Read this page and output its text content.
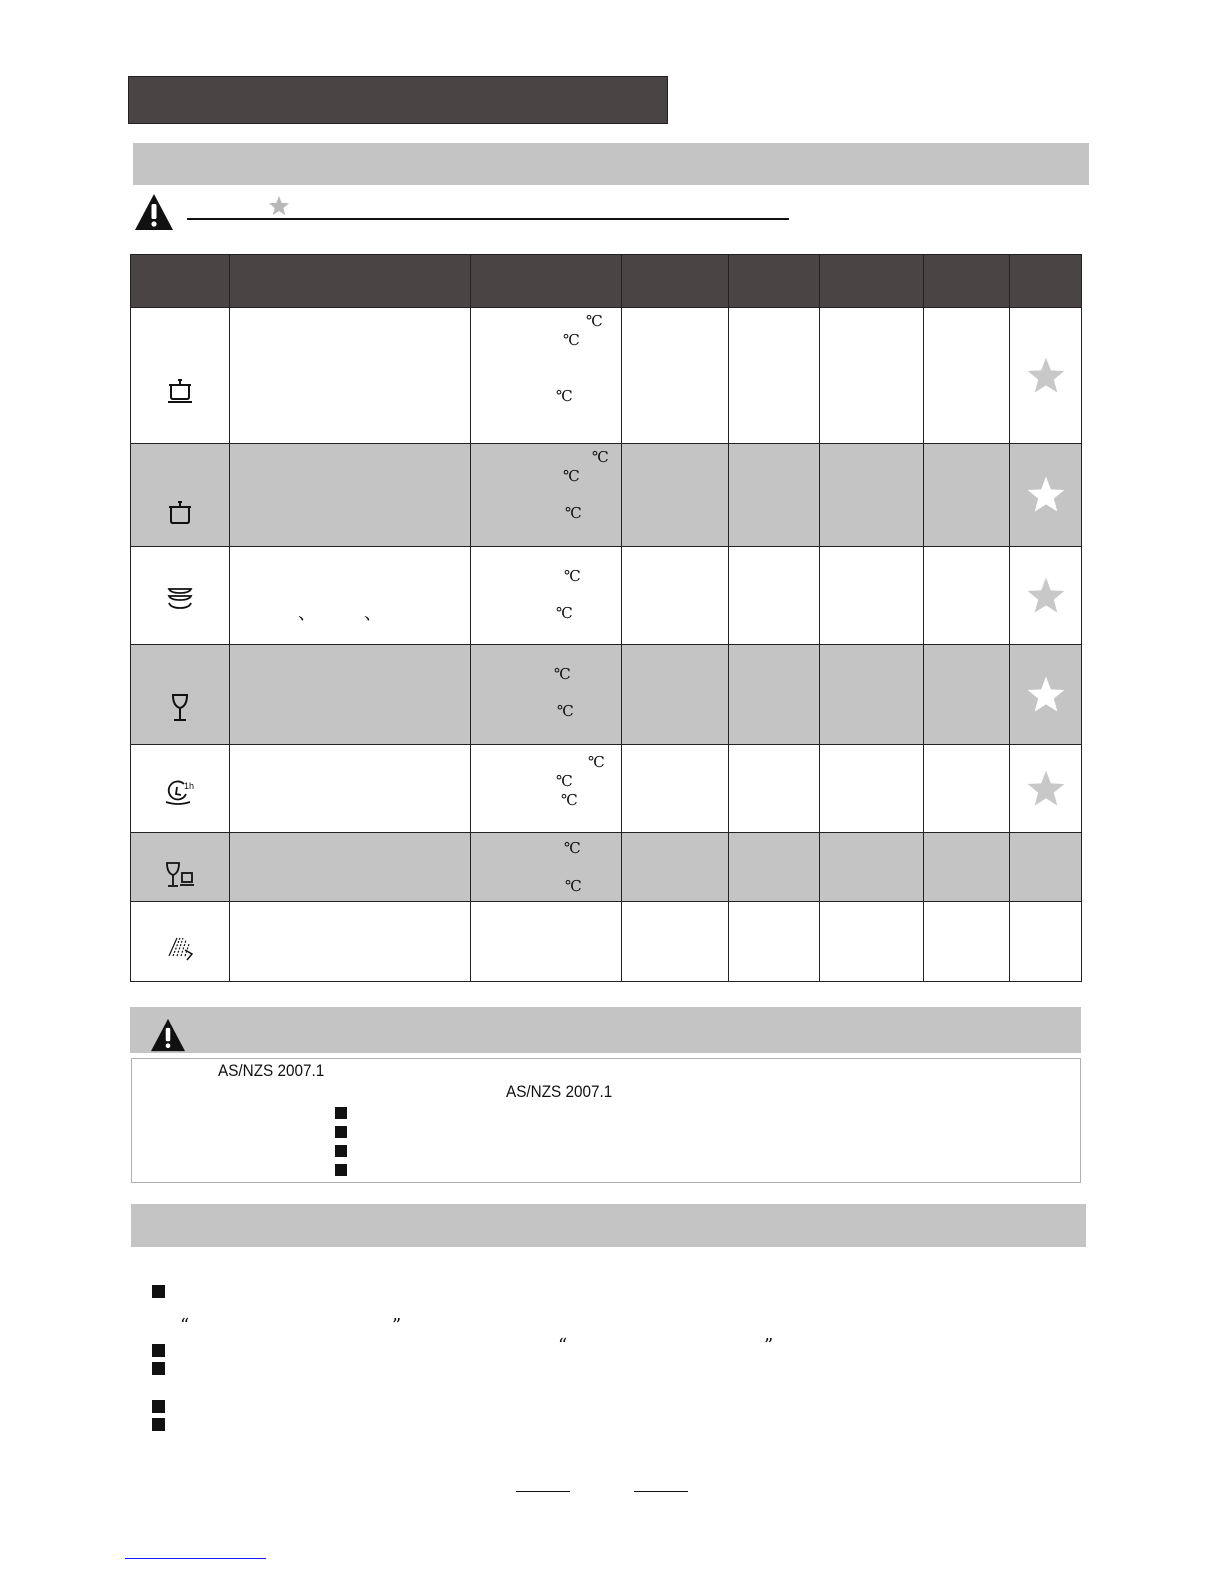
℃
℃
℃

℃
℃
℃

、 、	℃
℃

℃
℃

1h		℃
℃
℃

℃
℃					

AS/NZS 2007.1
AS/NZS 2007.1
“	”
“	”
